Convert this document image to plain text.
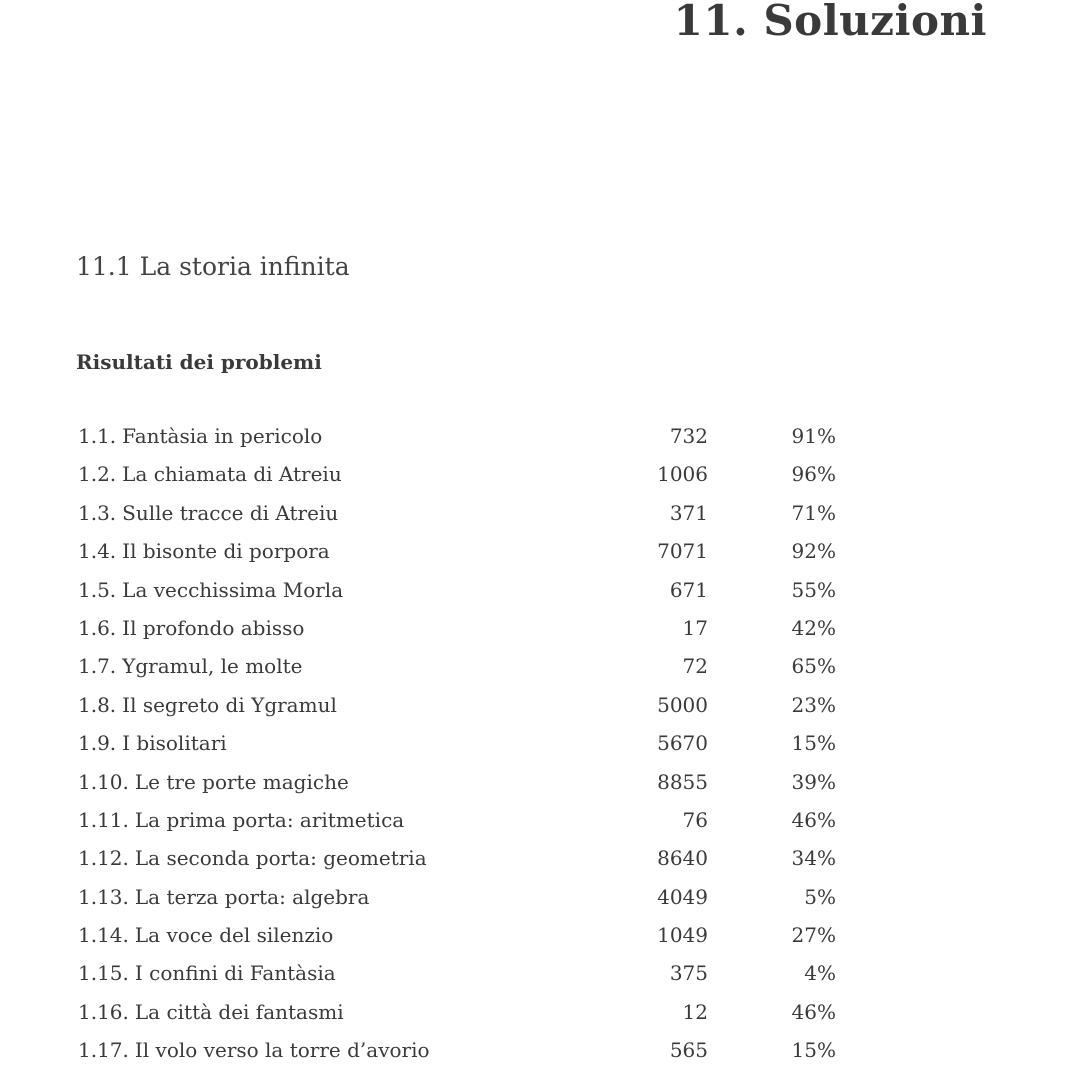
11. Soluzioni
11.1 La storia infinita
Risultati dei problemi
1.1. Fantàsia in pericolo	732	91%
1.2. La chiamata di Atreiu	1006	96%
1.3. Sulle tracce di Atreiu	371	71%
1.4. Il bisonte di porpora	7071	92%
1.5. La vecchissima Morla	671	55%
1.6. Il profondo abisso	17	42%
1.7. Ygramul, le molte	72	65%
1.8. Il segreto di Ygramul	5000	23%
1.9. I bisolitari	5670	15%
1.10. Le tre porte magiche	8855	39%
1.11. La prima porta: aritmetica	76	46%
1.12. La seconda porta: geometria	8640	34%
1.13. La terza porta: algebra	4049	5%
1.14. La voce del silenzio	1049	27%
1.15. I confini di Fantàsia	375	4%
1.16. La città dei fantasmi	12	46%
1.17. Il volo verso la torre d’avorio	565	15%
